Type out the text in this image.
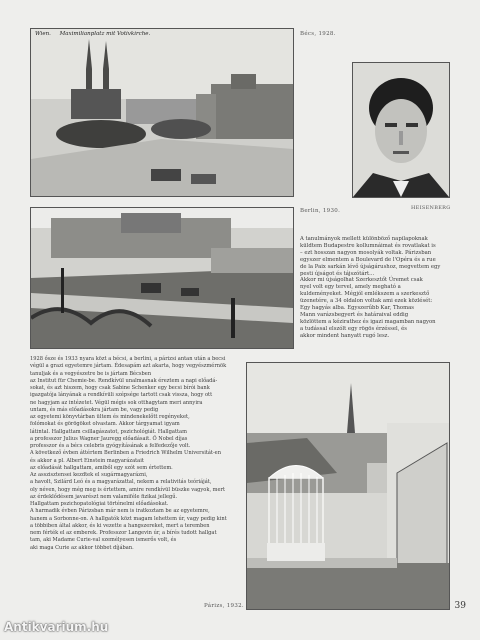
Wien.     Maximilianplatz mit Votivkirche.	Bécs, 1928.
HEISENBERG
Berlin, 1930.
A tanulmányok mellett különböző napilapoknak
küldtem Budapestre kollumnáimat és rovatlakat is
– ezt hosszan nagyon mosolyák voltak. Párizsban
egyszer elmentem a Boulevard de l'Opéra és a rue
de la Paix sarkán lévő újságárushoz, megvettem egy
pesti újságot és tájszótárt...
Akkor mi újságolhat Szerkesztőt Úremet csak
nyel volt egy tervel, amely megható a
kuldeményeket. Mégjól emlékszem a szerkesztő
üzenetére, a 34 oldalon voltak ami ezek közlését:
Egy hagyás alba. Egyszerűbb Kar, Thomas
Mann varázsbegyert és határaival eddig
közlöttem a kézirathez és igazi magamban nagyon
a tudással elszólt egy rögös érzéssel, és
akkor mindent hanyatt rugó lesz.
1928 ősze és 1933 nyara közt a bécsi, a berlini, a párizsi antan után a becsi
végül a grazi egyetemre jártam. Édesapám azt akarta, hogy vegyészmérnök
tanuljak és a vegyészetre be is jártam Bécsben
az Institut für Chemie-be. Rendkívül unalmasnak éreztem a napi előadá-
sokat, és azt hiszem, hogy csak Sabine Schenker egy becsi bírói bank
igazgatója lányának a rendkívüli szépsége tartott csak vissza, hogy ott
ne hagyjam az intézetet. Végül mégis sok otthagytam meri annyira
untam, és más előadásokra jártam be, vagy pedig
az egyetemi könyvtárban ültem és mindenekelőtt regényeket,
folómokat és görögöket olvastam. Akkor tárgyamat igyam
látintal. Hallgattam csillagászatot, pszichológiát. Hallgattam
a professzor Julius Wagner Jauregg előadásait. Ő Nobel díjas
professzor és a bécs celebris gyógyításának a felfedezője volt.
A következő évben áttértem Berlinben a Friedrich Wilhelm Universitát-en
és akkor a pl. Albert Einstein magyarázatait
az előadását hallgattam, amiből egy szót sem értettem.
Az asszisztensei kezdtek el sugármagyarázni,
a havolt, Szilárd Leó és a magyarázattal, nekem a relativitás teóriáját,
oly néven, hogy még meg is értettem, amire rendkívül büszke vagyok, mert
az érdeklődésem javarészt nem valamiféle fizikai jellegű.
Hallgattam pszichopatológiai történelmi előadásokat.
A harmadik évben Párizsban már nem is iratkoztam be az egyetemre,
hanem a Sorbonne-on. A hallgatók közt magam lehettem úr, vagy pedig kint
a többiben által akkor, és ki vezette a hangszereket, mert a teremben
nem férték el az emberek. Professzor Langevin úr, a bírés tudott hallgat
tam, aki Madame Curie-val személyesen ismerős volt, és
aki maga Curie az akkor többet díjában.
Párizs, 1932.	39
Antikvarium.hu
